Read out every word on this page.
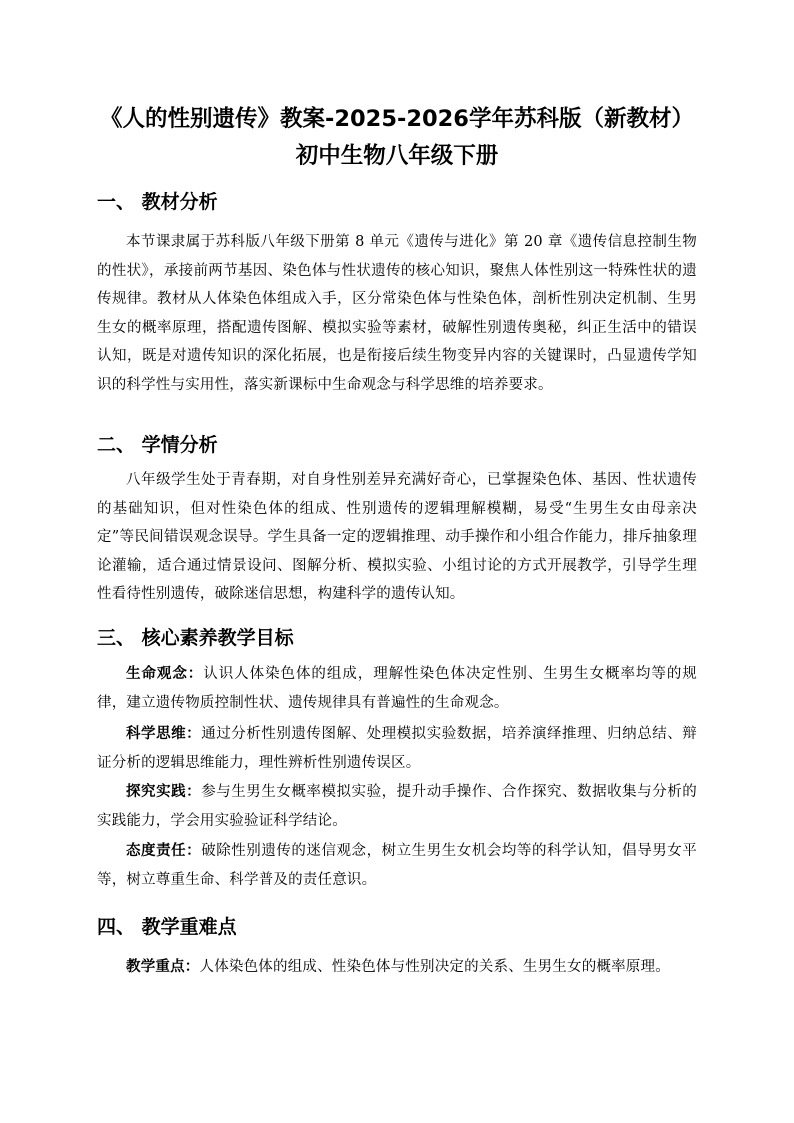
《人的性别遗传》教案-2025-2026学年苏科版（新教材）
初中生物八年级下册
一、 教材分析
本节课隶属于苏科版八年级下册第 8 单元《遗传与进化》第 20 章《遗传信息控制生物的性状》，承接前两节基因、染色体与性状遗传的核心知识，聚焦人体性别这一特殊性状的遗传规律。教材从人体染色体组成入手，区分常染色体与性染色体，剖析性别决定机制、生男生女的概率原理，搭配遗传图解、模拟实验等素材，破解性别遗传奥秘，纠正生活中的错误认知，既是对遗传知识的深化拓展，也是衔接后续生物变异内容的关键课时，凸显遗传学知识的科学性与实用性，落实新课标中生命观念与科学思维的培养要求。
二、 学情分析
八年级学生处于青春期，对自身性别差异充满好奇心，已掌握染色体、基因、性状遗传的基础知识，但对性染色体的组成、性别遗传的逻辑理解模糊，易受“生男生女由母亲决定”等民间错误观念误导。学生具备一定的逻辑推理、动手操作和小组合作能力，排斥抽象理论灌输，适合通过情景设问、图解分析、模拟实验、小组讨论的方式开展教学，引导学生理性看待性别遗传，破除迷信思想，构建科学的遗传认知。
三、 核心素养教学目标
生命观念：认识人体染色体的组成，理解性染色体决定性别、生男生女概率均等的规律，建立遗传物质控制性状、遗传规律具有普遍性的生命观念。
科学思维：通过分析性别遗传图解、处理模拟实验数据，培养演绎推理、归纳总结、辩证分析的逻辑思维能力，理性辨析性别遗传误区。
探究实践：参与生男生女概率模拟实验，提升动手操作、合作探究、数据收集与分析的实践能力，学会用实验验证科学结论。
态度责任：破除性别遗传的迷信观念，树立生男生女机会均等的科学认知，倡导男女平等，树立尊重生命、科学普及的责任意识。
四、 教学重难点
教学重点：人体染色体的组成、性染色体与性别决定的关系、生男生女的概率原理。
